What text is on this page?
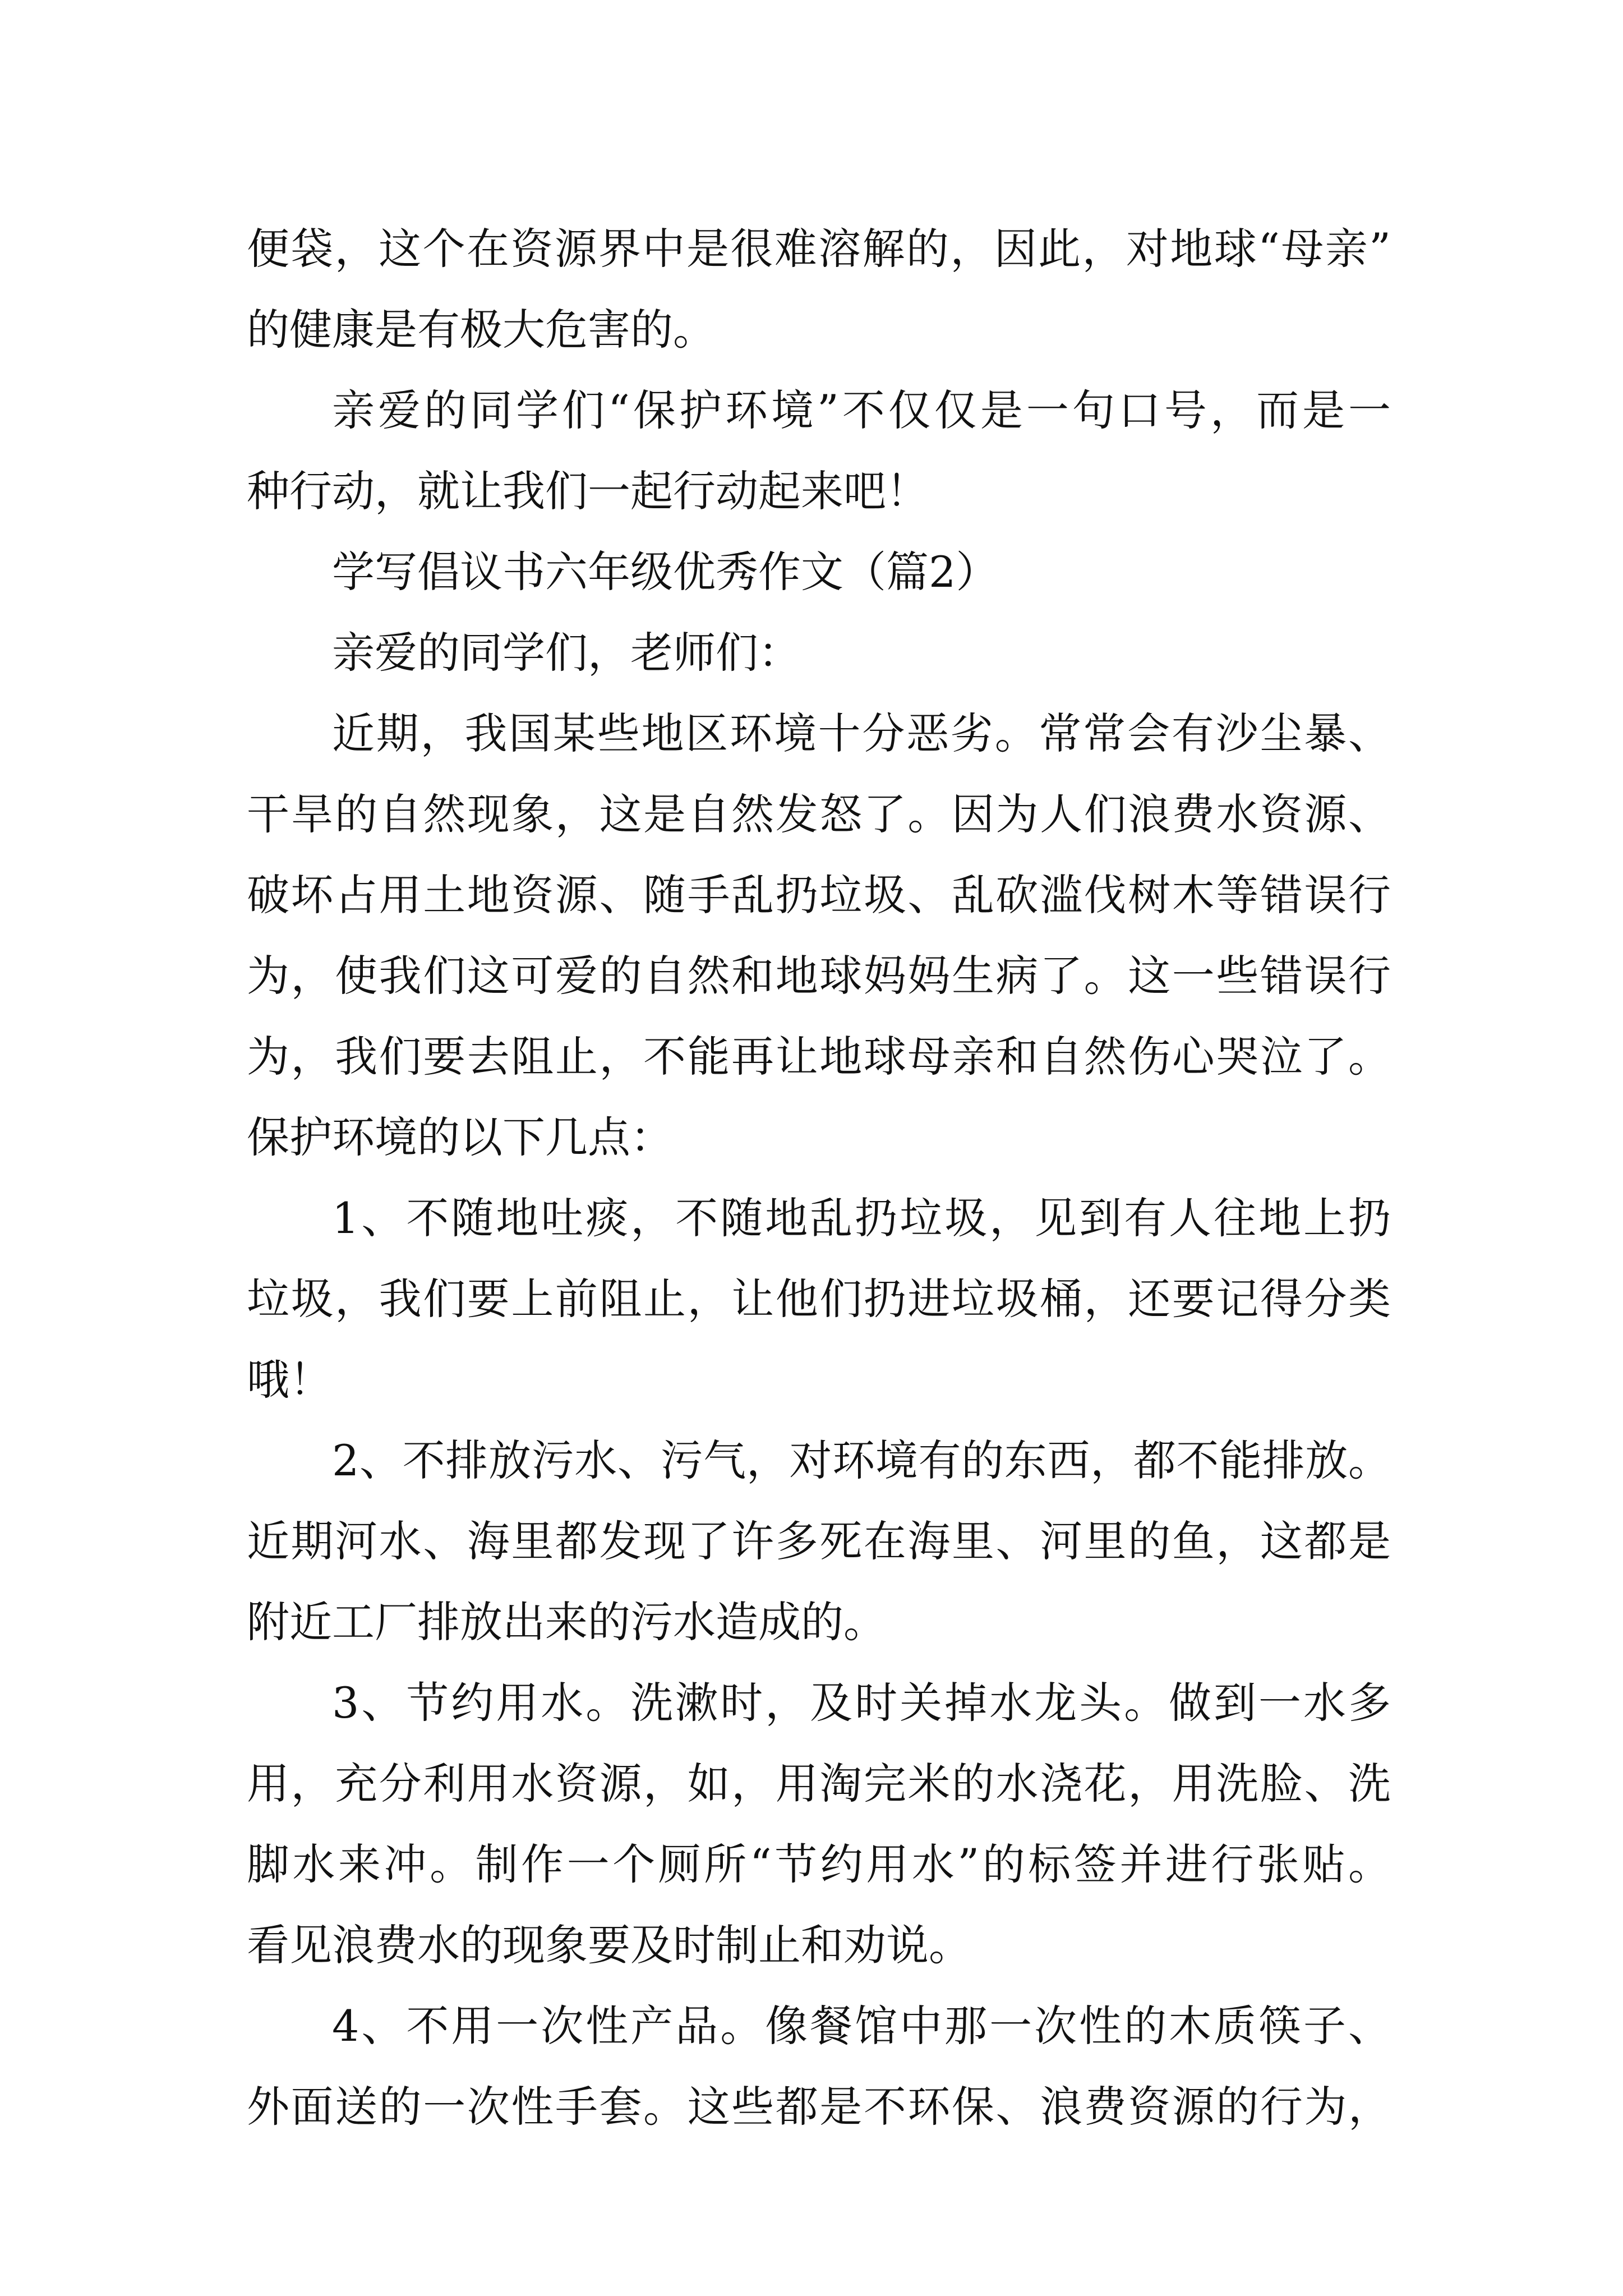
便袋，这个在资源界中是很难溶解的，因此，对地球“母亲”
的健康是有极大危害的。
亲爱的同学们“保护环境”不仅仅是一句口号，而是一
种行动，就让我们一起行动起来吧！
学写倡议书六年级优秀作文（篇2）
亲爱的同学们，老师们：
近期，我国某些地区环境十分恶劣。常常会有沙尘暴、
干旱的自然现象，这是自然发怒了。因为人们浪费水资源、
破坏占用土地资源、随手乱扔垃圾、乱砍滥伐树木等错误行
为，使我们这可爱的自然和地球妈妈生病了。这一些错误行
为，我们要去阻止，不能再让地球母亲和自然伤心哭泣了。
保护环境的以下几点：
1、不随地吐痰，不随地乱扔垃圾，见到有人往地上扔
垃圾，我们要上前阻止，让他们扔进垃圾桶，还要记得分类
哦！
2、不排放污水、污气，对环境有的东西，都不能排放。
近期河水、海里都发现了许多死在海里、河里的鱼，这都是
附近工厂排放出来的污水造成的。
3、节约用水。洗漱时，及时关掉水龙头。做到一水多
用，充分利用水资源，如，用淘完米的水浇花，用洗脸、洗
脚水来冲。制作一个厕所“节约用水”的标签并进行张贴。
看见浪费水的现象要及时制止和劝说。
4、不用一次性产品。像餐馆中那一次性的木质筷子、
外面送的一次性手套。这些都是不环保、浪费资源的行为，
